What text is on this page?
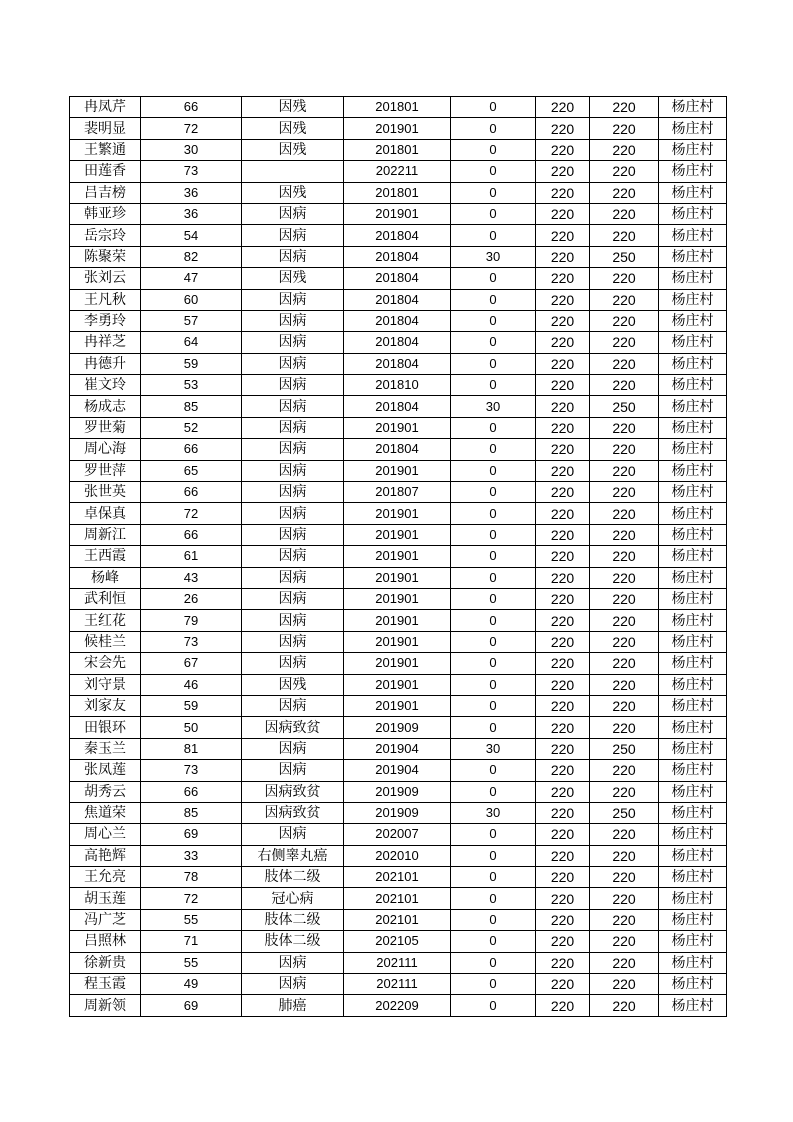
冉凤芹	66	因残	201801	0	220	220	杨庄村
裴明显	72	因残	201901	0	220	220	杨庄村
王繁通	30	因残	201801	0	220	220	杨庄村
田莲香	73		202211	0	220	220	杨庄村
吕吉榜	36	因残	201801	0	220	220	杨庄村
韩亚珍	36	因病	201901	0	220	220	杨庄村
岳宗玲	54	因病	201804	0	220	220	杨庄村
陈聚荣	82	因病	201804	30	220	250	杨庄村
张刘云	47	因残	201804	0	220	220	杨庄村
王凡秋	60	因病	201804	0	220	220	杨庄村
李勇玲	57	因病	201804	0	220	220	杨庄村
冉祥芝	64	因病	201804	0	220	220	杨庄村
冉德升	59	因病	201804	0	220	220	杨庄村
崔文玲	53	因病	201810	0	220	220	杨庄村
杨成志	85	因病	201804	30	220	250	杨庄村
罗世菊	52	因病	201901	0	220	220	杨庄村
周心海	66	因病	201804	0	220	220	杨庄村
罗世萍	65	因病	201901	0	220	220	杨庄村
张世英	66	因病	201807	0	220	220	杨庄村
卓保真	72	因病	201901	0	220	220	杨庄村
周新江	66	因病	201901	0	220	220	杨庄村
王西霞	61	因病	201901	0	220	220	杨庄村
杨峰	43	因病	201901	0	220	220	杨庄村
武利恒	26	因病	201901	0	220	220	杨庄村
王红花	79	因病	201901	0	220	220	杨庄村
候桂兰	73	因病	201901	0	220	220	杨庄村
宋会先	67	因病	201901	0	220	220	杨庄村
刘守景	46	因残	201901	0	220	220	杨庄村
刘家友	59	因病	201901	0	220	220	杨庄村
田银环	50	因病致贫	201909	0	220	220	杨庄村
秦玉兰	81	因病	201904	30	220	250	杨庄村
张凤莲	73	因病	201904	0	220	220	杨庄村
胡秀云	66	因病致贫	201909	0	220	220	杨庄村
焦道荣	85	因病致贫	201909	30	220	250	杨庄村
周心兰	69	因病	202007	0	220	220	杨庄村
高艳辉	33	右侧睾丸癌	202010	0	220	220	杨庄村
王允亮	78	肢体二级	202101	0	220	220	杨庄村
胡玉莲	72	冠心病	202101	0	220	220	杨庄村
冯广芝	55	肢体二级	202101	0	220	220	杨庄村
吕照林	71	肢体二级	202105	0	220	220	杨庄村
徐新贵	55	因病	202111	0	220	220	杨庄村
程玉霞	49	因病	202111	0	220	220	杨庄村
周新领	69	肺癌	202209	0	220	220	杨庄村
